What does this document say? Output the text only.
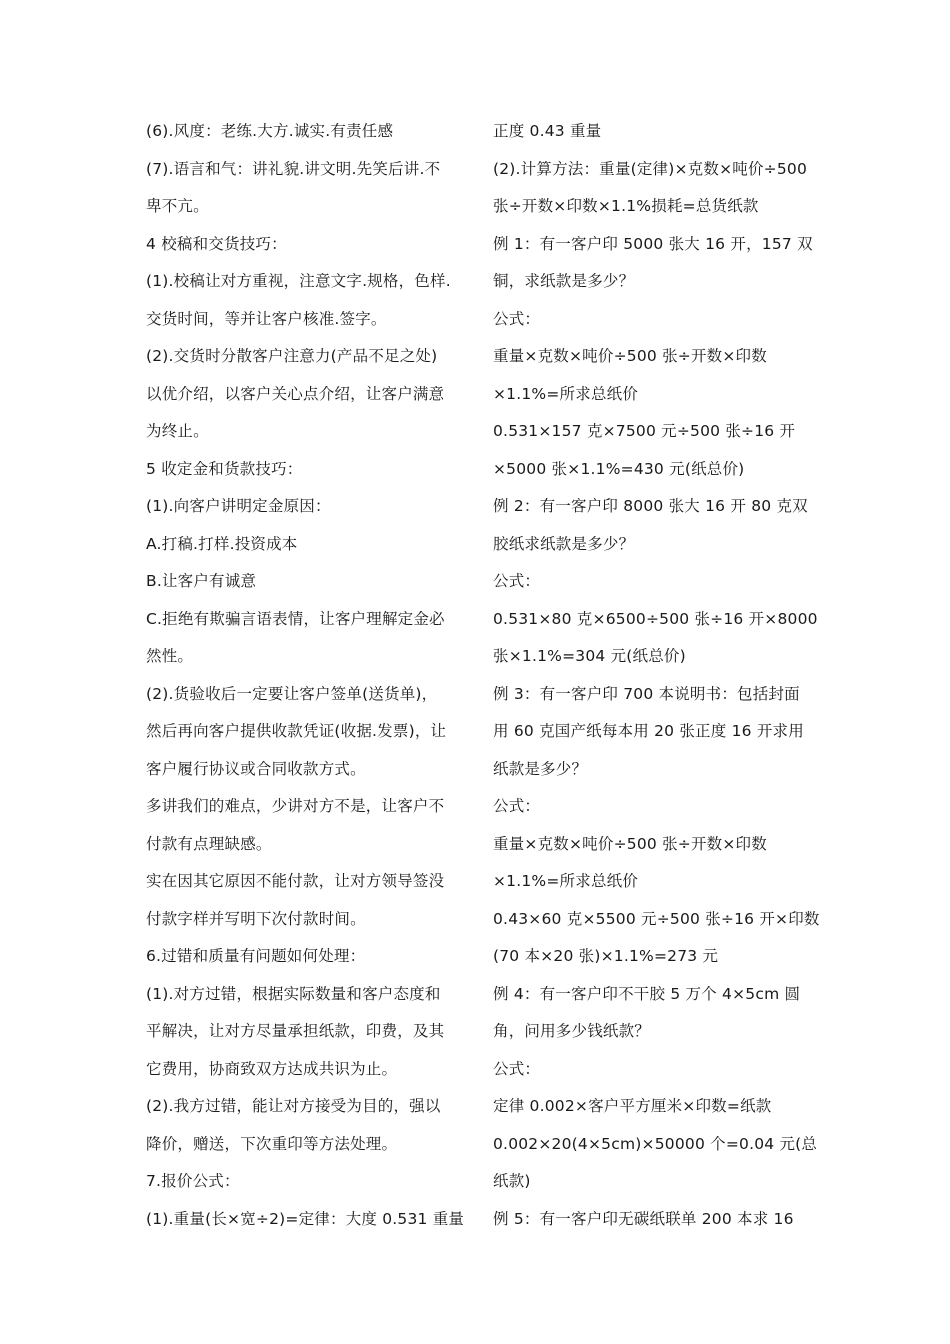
(6).风度：老练.大方.诚实.有责任感
(7).语言和气：讲礼貌.讲文明.先笑后讲.不
卑不亢。
4 校稿和交货技巧：
(1).校稿让对方重视，注意文字.规格，色样.
交货时间，等并让客户核准.签字。
(2).交货时分散客户注意力(产品不足之处)
以优介绍，以客户关心点介绍，让客户满意
为终止。
5 收定金和货款技巧：
(1).向客户讲明定金原因：
A.打稿.打样.投资成本
B.让客户有诚意
C.拒绝有欺骗言语表情，让客户理解定金必
然性。
(2).货验收后一定要让客户签单(送货单)，
然后再向客户提供收款凭证(收据.发票)，让
客户履行协议或合同收款方式。
多讲我们的难点，少讲对方不是，让客户不
付款有点理缺感。
实在因其它原因不能付款，让对方领导签没
付款字样并写明下次付款时间。
6.过错和质量有问题如何处理：
(1).对方过错，根据实际数量和客户态度和
平解决，让对方尽量承担纸款，印费，及其
它费用，协商致双方达成共识为止。
(2).我方过错，能让对方接受为目的，强以
降价，赠送，下次重印等方法处理。
7.报价公式：
(1).重量(长×宽÷2)=定律：大度 0.531 重量
正度 0.43 重量
(2).计算方法：重量(定律)×克数×吨价÷500
张÷开数×印数×1.1%损耗=总货纸款
例 1：有一客户印 5000 张大 16 开，157 双
铜，求纸款是多少？
公式：
重量×克数×吨价÷500 张÷开数×印数
×1.1%=所求总纸价
0.531×157 克×7500 元÷500 张÷16 开
×5000 张×1.1%=430 元(纸总价)
例 2：有一客户印 8000 张大 16 开 80 克双
胶纸求纸款是多少？
公式：
0.531×80 克×6500÷500 张÷16 开×8000
张×1.1%=304 元(纸总价)
例 3：有一客户印 700 本说明书：包括封面
用 60 克国产纸每本用 20 张正度 16 开求用
纸款是多少？
公式：
重量×克数×吨价÷500 张÷开数×印数
×1.1%=所求总纸价
0.43×60 克×5500 元÷500 张÷16 开×印数
(70 本×20 张)×1.1%=273 元
例 4：有一客户印不干胶 5 万个 4×5cm 圆
角，问用多少钱纸款？
公式：
定律 0.002×客户平方厘米×印数=纸款
0.002×20(4×5cm)×50000 个=0.04 元(总
纸款)
例 5：有一客户印无碳纸联单 200 本求 16
